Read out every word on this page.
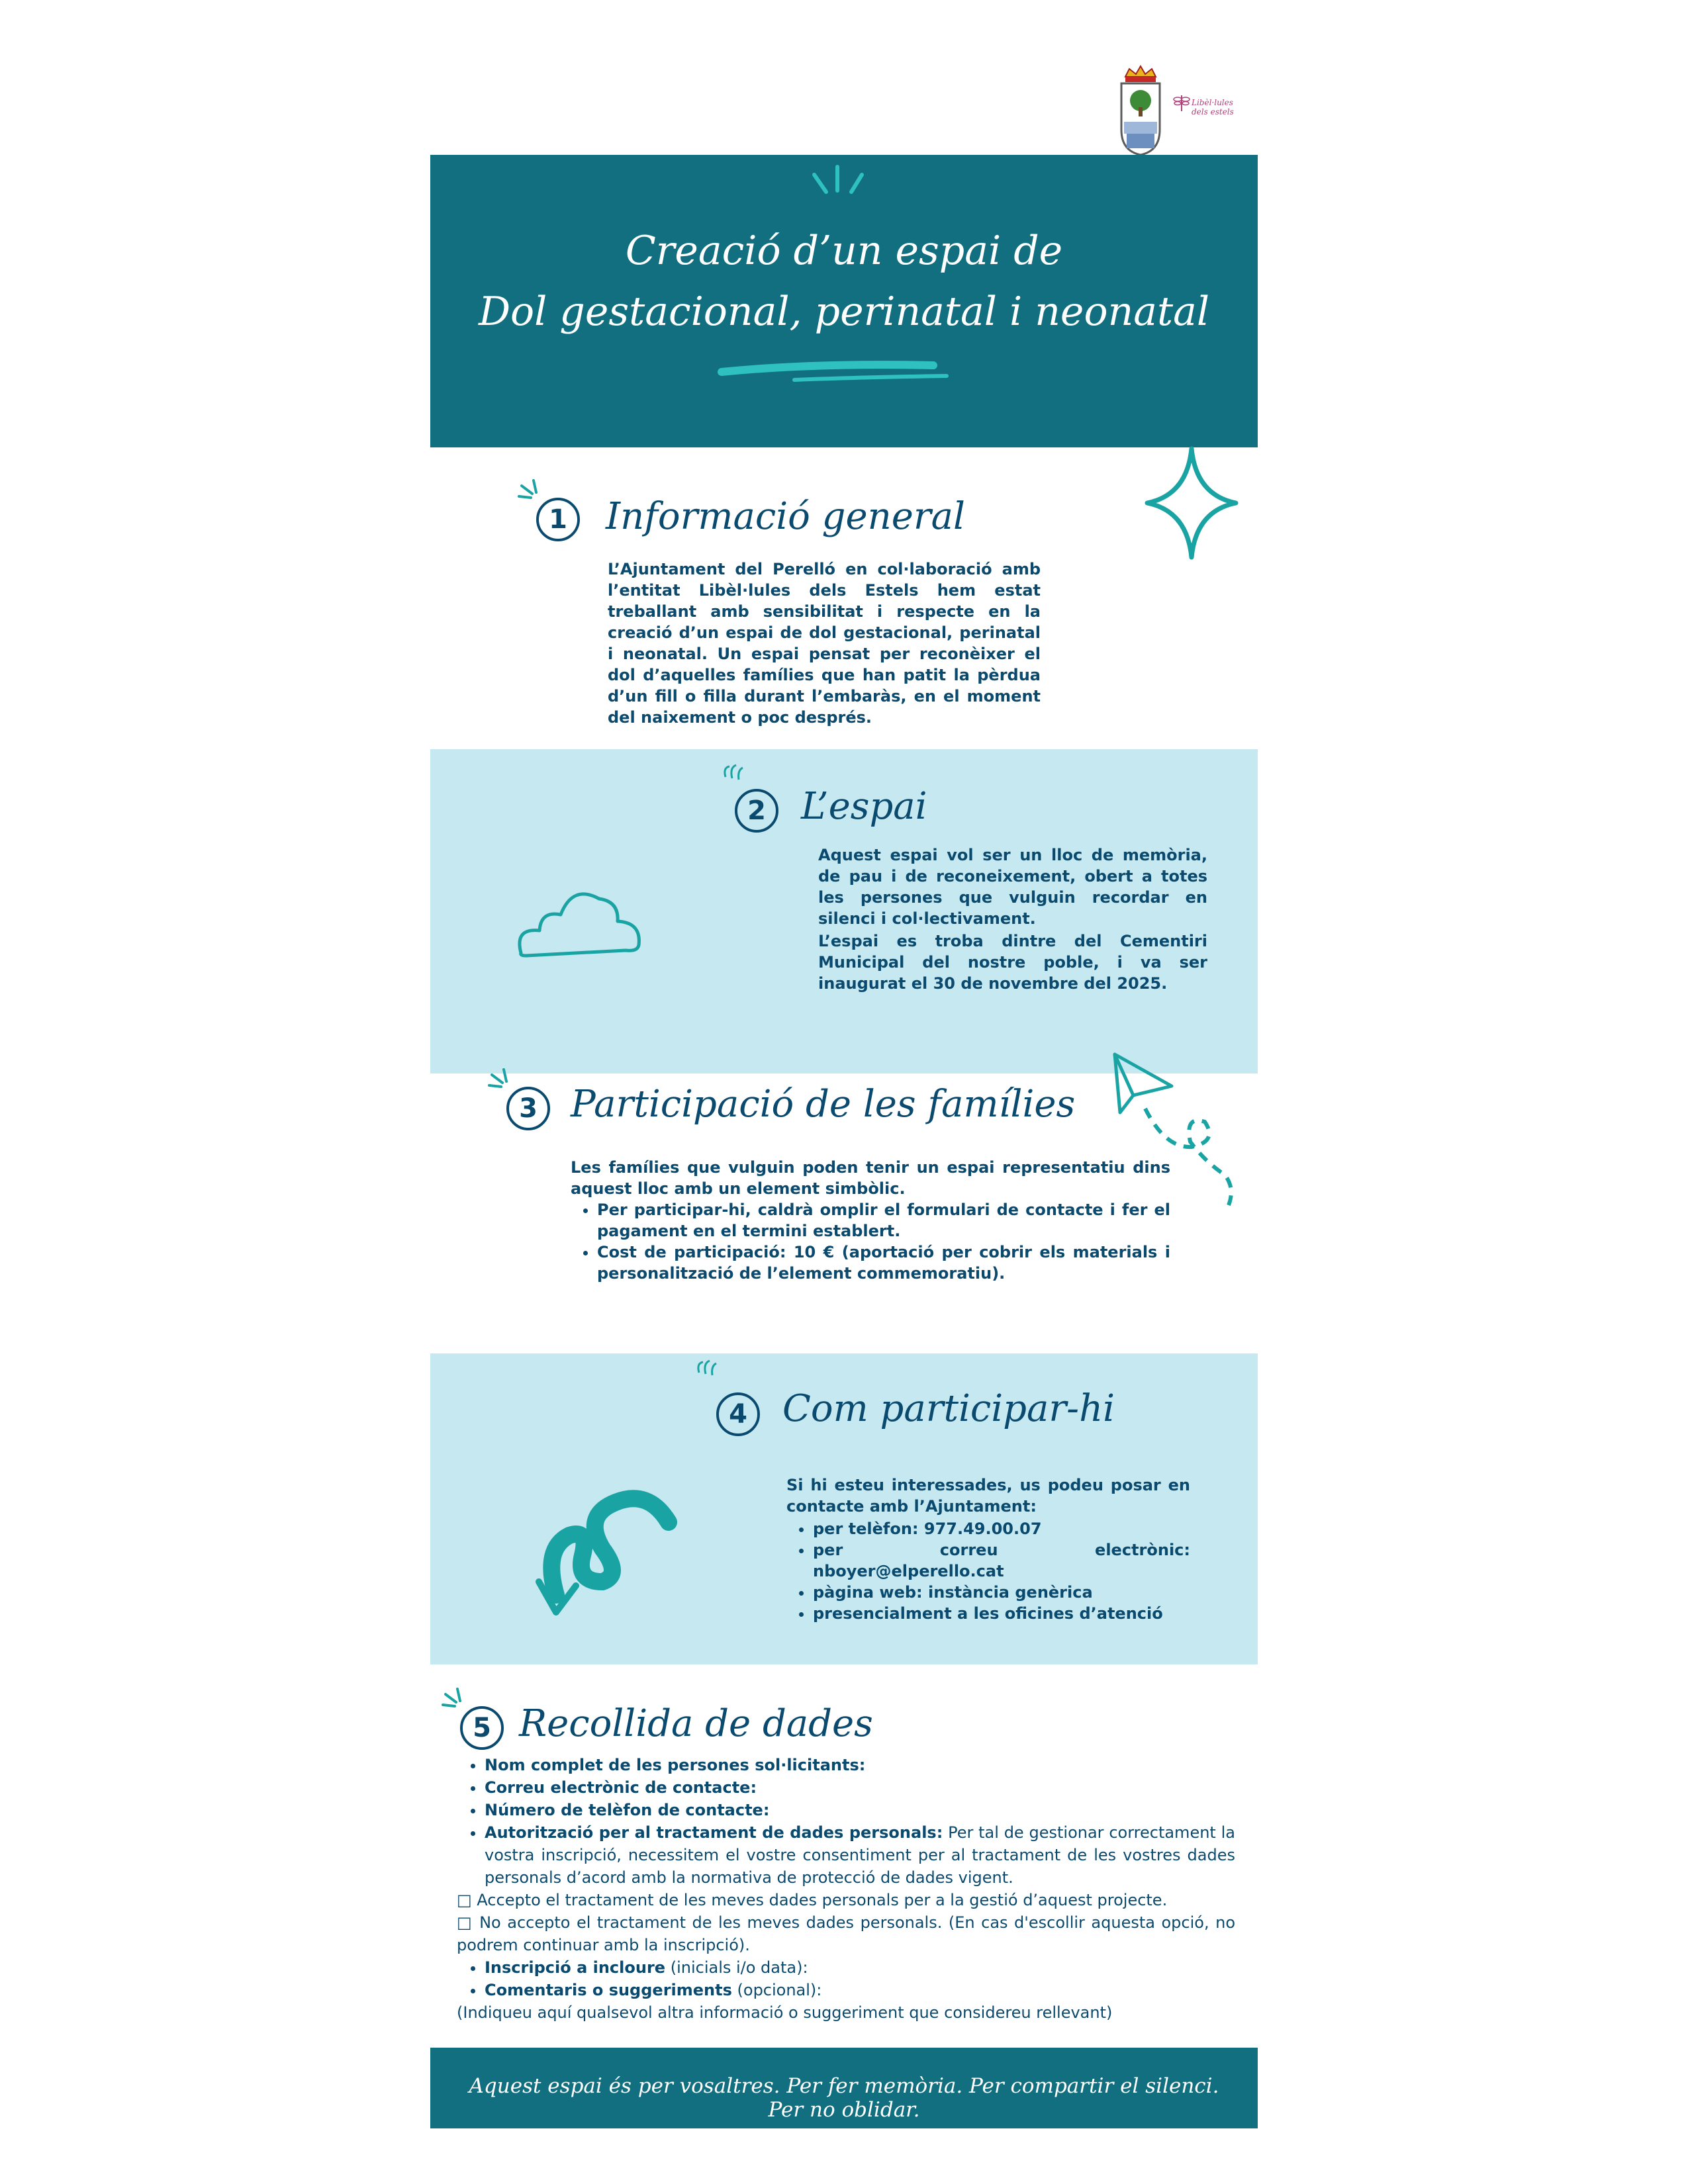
Libèl·lules
dels estels
Creació d’un espai de
Dol gestacional, perinatal i neonatal
1	Informació general
L’Ajuntament del Perelló en col·laboració amb l’entitat Libèl·lules dels Estels hem estat treballant amb sensibilitat i respecte en la creació d’un espai de dol gestacional, perinatal i neonatal. Un espai pensat per reconèixer el dol d’aquelles famílies que han patit la pèrdua d’un fill o filla durant l’embaràs, en el moment del naixement o poc després.
2 L’espai
Aquest espai vol ser un lloc de memòria, de pau i de reconeixement, obert a totes les persones que vulguin recordar en silenci i col·lectivament.
L’espai es troba dintre del Cementiri Municipal del nostre poble, i va ser inaugurat el 30 de novembre del 2025.
3 Participació de les famílies
Les famílies que vulguin poden tenir un espai representatiu dins aquest lloc amb un element simbòlic.
• Per participar-hi, caldrà omplir el formulari de contacte i fer el pagament en el termini establert.
• Cost de participació: 10 € (aportació per cobrir els materials i personalització de l’element commemoratiu).
4 Com participar-hi
Si hi esteu interessades, us podeu posar en contacte amb l’Ajuntament:
• per telèfon: 977.49.00.07
• per correu electrònic: nboyer@elperello.cat
• pàgina web: instància genèrica
• presencialment a les oficines d’atenció
5 Recollida de dades
• Nom complet de les persones sol·licitants:
• Correu electrònic de contacte:
• Número de telèfon de contacte:
• Autorització per al tractament de dades personals: Per tal de gestionar correctament la vostra inscripció, necessitem el vostre consentiment per al tractament de les vostres dades personals d’acord amb la normativa de protecció de dades vigent.
□ Accepto el tractament de les meves dades personals per a la gestió d’aquest projecte.
□ No accepto el tractament de les meves dades personals. (En cas d'escollir aquesta opció, no podrem continuar amb la inscripció).
• Inscripció a incloure (inicials i/o data):
• Comentaris o suggeriments (opcional):
(Indiqueu aquí qualsevol altra informació o suggeriment que considereu rellevant)
Aquest espai és per vosaltres. Per fer memòria. Per compartir el silenci. Per no oblidar.
